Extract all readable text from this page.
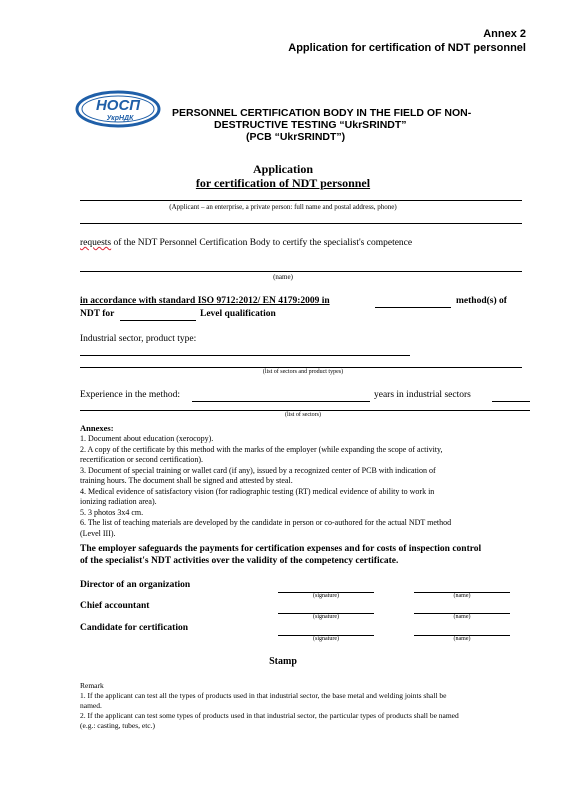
Annex 2
Application for certification of NDT personnel
НОСП
УкрНДК	PERSONNEL CERTIFICATION BODY IN THE FIELD OF NON-
DESTRUCTIVE TESTING “UkrSRINDT”
(PCB “UkrSRINDT”)
Application
for certification of NDT personnel
(Applicant – an enterprise, a private person: full name and postal address, phone)
requests of the NDT Personnel Certification Body to certify the specialist's competence
(name)
in accordance with standard ISO 9712:2012/ EN 4179:2009 in	method(s) of
NDT for	Level qualification
Industrial sector, product type:
(list of sectors and product types)
Experience in the method:	years in industrial sectors
(list of sectors)
Annexes:
1. Document about education (xerocopy).
2. A copy of the certificate by this method with the marks of the employer (while expanding the scope of activity,
recertification or second certification).
3. Document of special training or wallet card (if any), issued by a recognized center of PCB with indication of
training hours. The document shall be signed and attested by steal.
4. Medical evidence of satisfactory vision (for radiographic testing (RT) medical evidence of ability to work in
ionizing radiation area).
5. 3 photos 3x4 cm.
6. The list of teaching materials are developed by the candidate in person or co-authored for the actual NDT method
(Level III).
The employer safeguards the payments for certification expenses and for costs of inspection control
of the specialist's NDT activities over the validity of the competency certificate.
Director of an organization
(signature)	(name)
Chief accountant
(signature)	(name)
Candidate for certification
(signature)	(name)
Stamp
Remark
1. If the applicant can test all the types of products used in that industrial sector, the base metal and welding joints shall be
named.
2. If the applicant can test some types of products used in that industrial sector, the particular types of products shall be named
(e.g.: casting, tubes, etc.)
